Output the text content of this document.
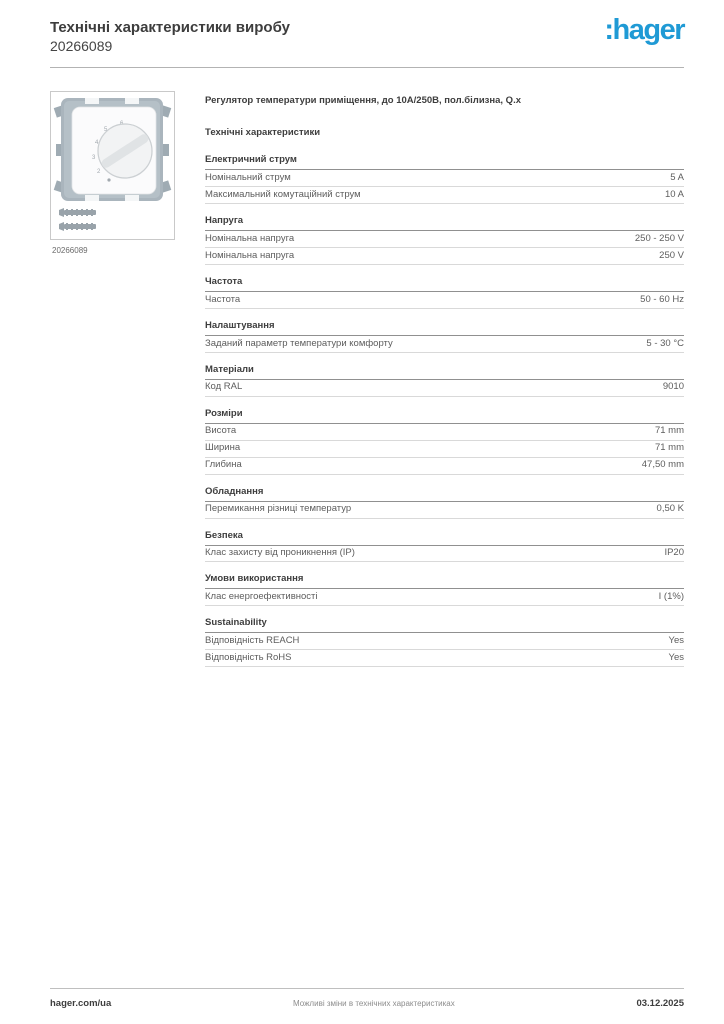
Технічні характеристики виробу
20266089	:hager
5
4
3
2
20266089
Регулятор температури приміщення, до 10А/250В, пол.білизна, Q.x
Технічні характеристики
Електричний струм
Номінальний струм	5 A
Максимальний комутаційний струм	10 A
Напруга
Номінальна напруга	250 - 250 V
Номінальна напруга	250 V
Частота
Частота	50 - 60 Hz
Налаштування
Заданий параметр температури комфорту	5 - 30 °C
Матеріали
Код RAL	9010
Розміри
Висота	71 mm
Ширина	71 mm
Глибина	47,50 mm
Обладнання
Перемикання різниці температур	0,50 K
Безпека
Клас захисту від проникнення (IP)	IP20
Умови використання
Клас енергоефективності	I (1%)
Sustainability
Відповідність REACH	Yes
Відповідність RoHS	Yes
hager.com/ua	Можливі зміни в технічних характеристиках	03.12.2025
